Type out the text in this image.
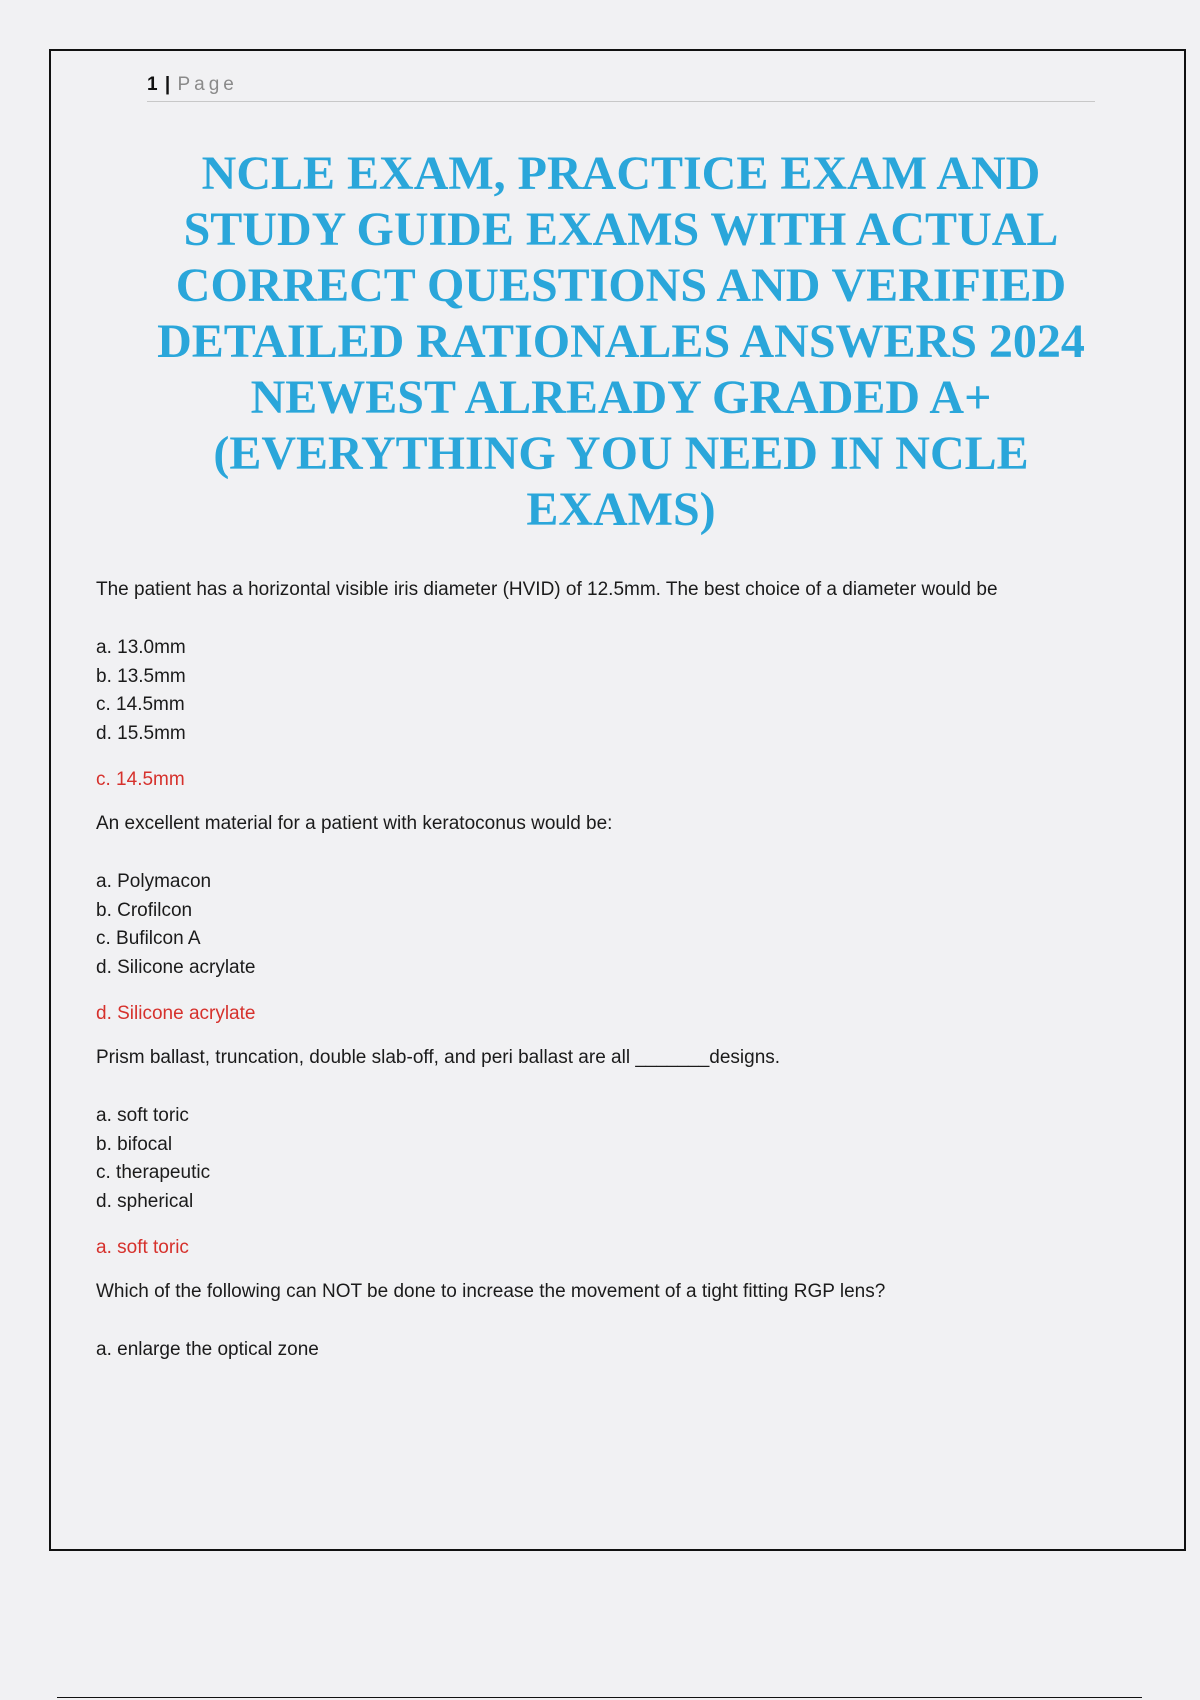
1 | Page
NCLE EXAM, PRACTICE EXAM AND
STUDY GUIDE EXAMS WITH ACTUAL
CORRECT QUESTIONS AND VERIFIED
DETAILED RATIONALES ANSWERS 2024
NEWEST ALREADY GRADED A+
(EVERYTHING YOU NEED IN NCLE
EXAMS)

The patient has a horizontal visible iris diameter (HVID) of 12.5mm. The best choice of a diameter would be

a. 13.0mm
b. 13.5mm
c. 14.5mm
d. 15.5mm

c. 14.5mm

An excellent material for a patient with keratoconus would be:

a. Polymacon
b. Crofilcon
c. Bufilcon A
d. Silicone acrylate

d. Silicone acrylate

Prism ballast, truncation, double slab-off, and peri ballast are all _______designs.

a. soft toric
b. bifocal
c. therapeutic
d. spherical

a. soft toric

Which of the following can NOT be done to increase the movement of a tight fitting RGP lens?

a. enlarge the optical zone
